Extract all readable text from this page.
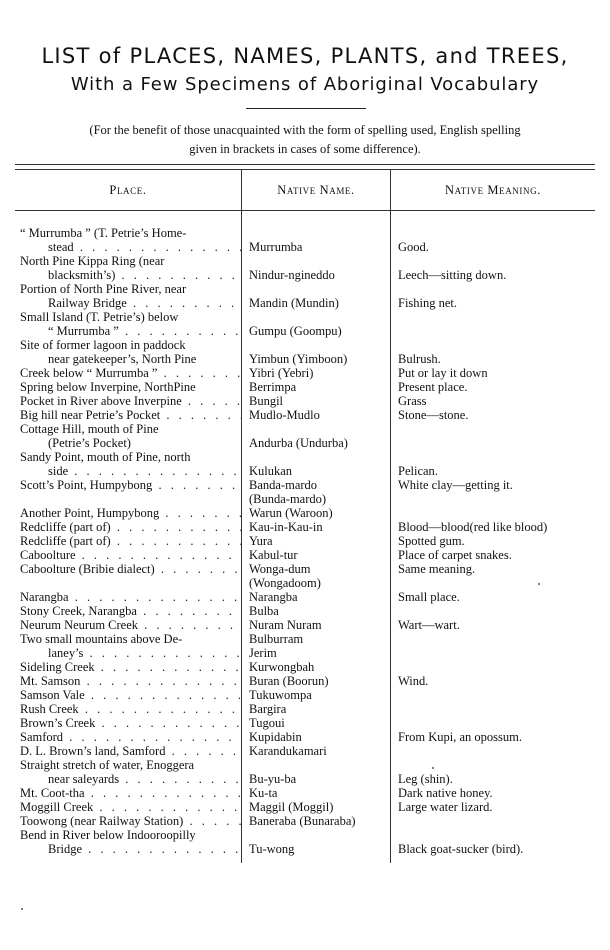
LIST of PLACES, NAMES, PLANTS, and TREES,
With a Few Specimens of Aboriginal Vocabulary
(For the benefit of those unacquainted with the form of spelling used, English spelling
given in brackets in cases of some difference).
Place.	Native Name.	Native Meaning.
“ Murrumba ” (T. Petrie’s Home-
stead . . .	Murrumba	Good.
North Pine Kippa Ring (near
blacksmith’s) . . .	Nindur-ngineddo	Leech—sitting down.
Portion of North Pine River, near
Railway Bridge . . .	Mandin (Mundin)	Fishing net.
Small Island (T. Petrie’s) below
“ Murrumba ” . . .	Gumpu (Goompu)
Site of former lagoon in paddock
near gatekeeper’s, North Pine	Yimbun (Yimboon)	Bulrush.
Creek below “ Murrumba ” . . .	Yibri (Yebri)	Put or lay it down
Spring below Inverpine, NorthPine	Berrimpa	Present place.
Pocket in River above Inverpine . . .	Bungil	Grass
Big hill near Petrie’s Pocket . . .	Mudlo-Mudlo	Stone—stone.
Cottage Hill, mouth of Pine
(Petrie’s Pocket)	Andurba (Undurba)
Sandy Point, mouth of Pine, north
side . . .	Kulukan	Pelican.
Scott’s Point, Humpybong . . .	Banda-mardo	White clay—getting it.
(Bunda-mardo)
Another Point, Humpybong . . .	Warun (Waroon)
Redcliffe (part of) . . .	Kau-in-Kau-in	Blood—blood(red like blood)
Redcliffe (part of) . . .	Yura	Spotted gum.
Caboolture . . .	Kabul-tur	Place of carpet snakes.
Caboolture (Bribie dialect) . . .	Wonga-dum	Same meaning.
(Wongadoom)
Narangba . . .	Narangba	Small place.
Stony Creek, Narangba . . .	Bulba
Neurum Neurum Creek . . .	Nuram Nuram	Wart—wart.
Two small mountains above De-	Bulburram
laney’s . . .	Jerim
Sideling Creek . . .	Kurwongbah
Mt. Samson . . .	Buran (Boorun)	Wind.
Samson Vale . . .	Tukuwompa
Rush Creek . . .	Bargira
Brown’s Creek . . .	Tugoui
Samford . . .	Kupidabin	From Kupi, an opossum.
D. L. Brown’s land, Samford . . .	Karandukamari
Straight stretch of water, Enoggera
near saleyards . . .	Bu-yu-ba	Leg (shin).
Mt. Coot-tha . . .	Ku-ta	Dark native honey.
Moggill Creek . . .	Maggil (Moggil)	Large water lizard.
Toowong (near Railway Station) . . .	Baneraba (Bunaraba)
Bend in River below Indooroopilly
Bridge . . .	Tu-wong	Black goat-sucker (bird).
